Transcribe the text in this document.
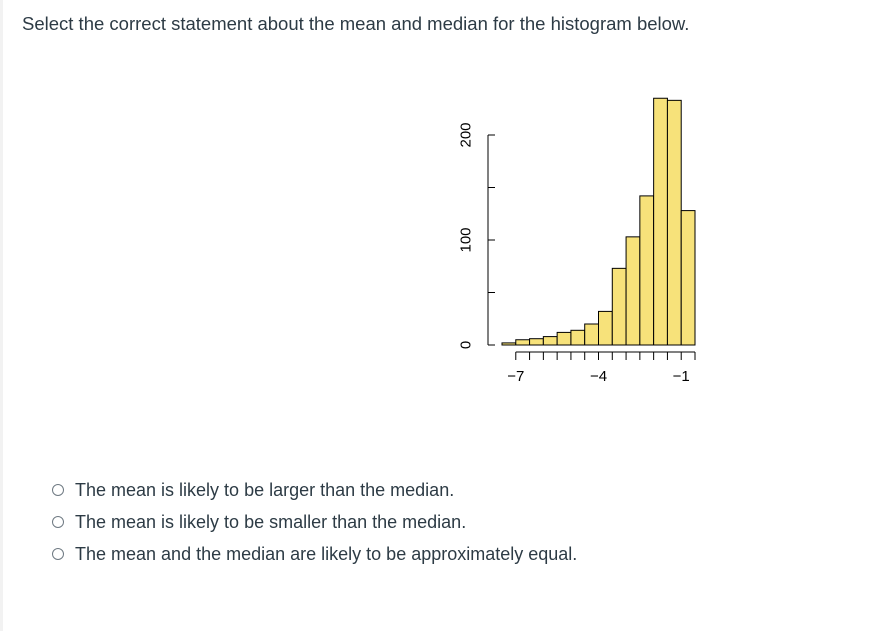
Select the correct statement about the mean and median for the histogram below.

0
100
200
−7	−4	−1
The mean is likely to be larger than the median.
The mean is likely to be smaller than the median.
The mean and the median are likely to be approximately equal.
